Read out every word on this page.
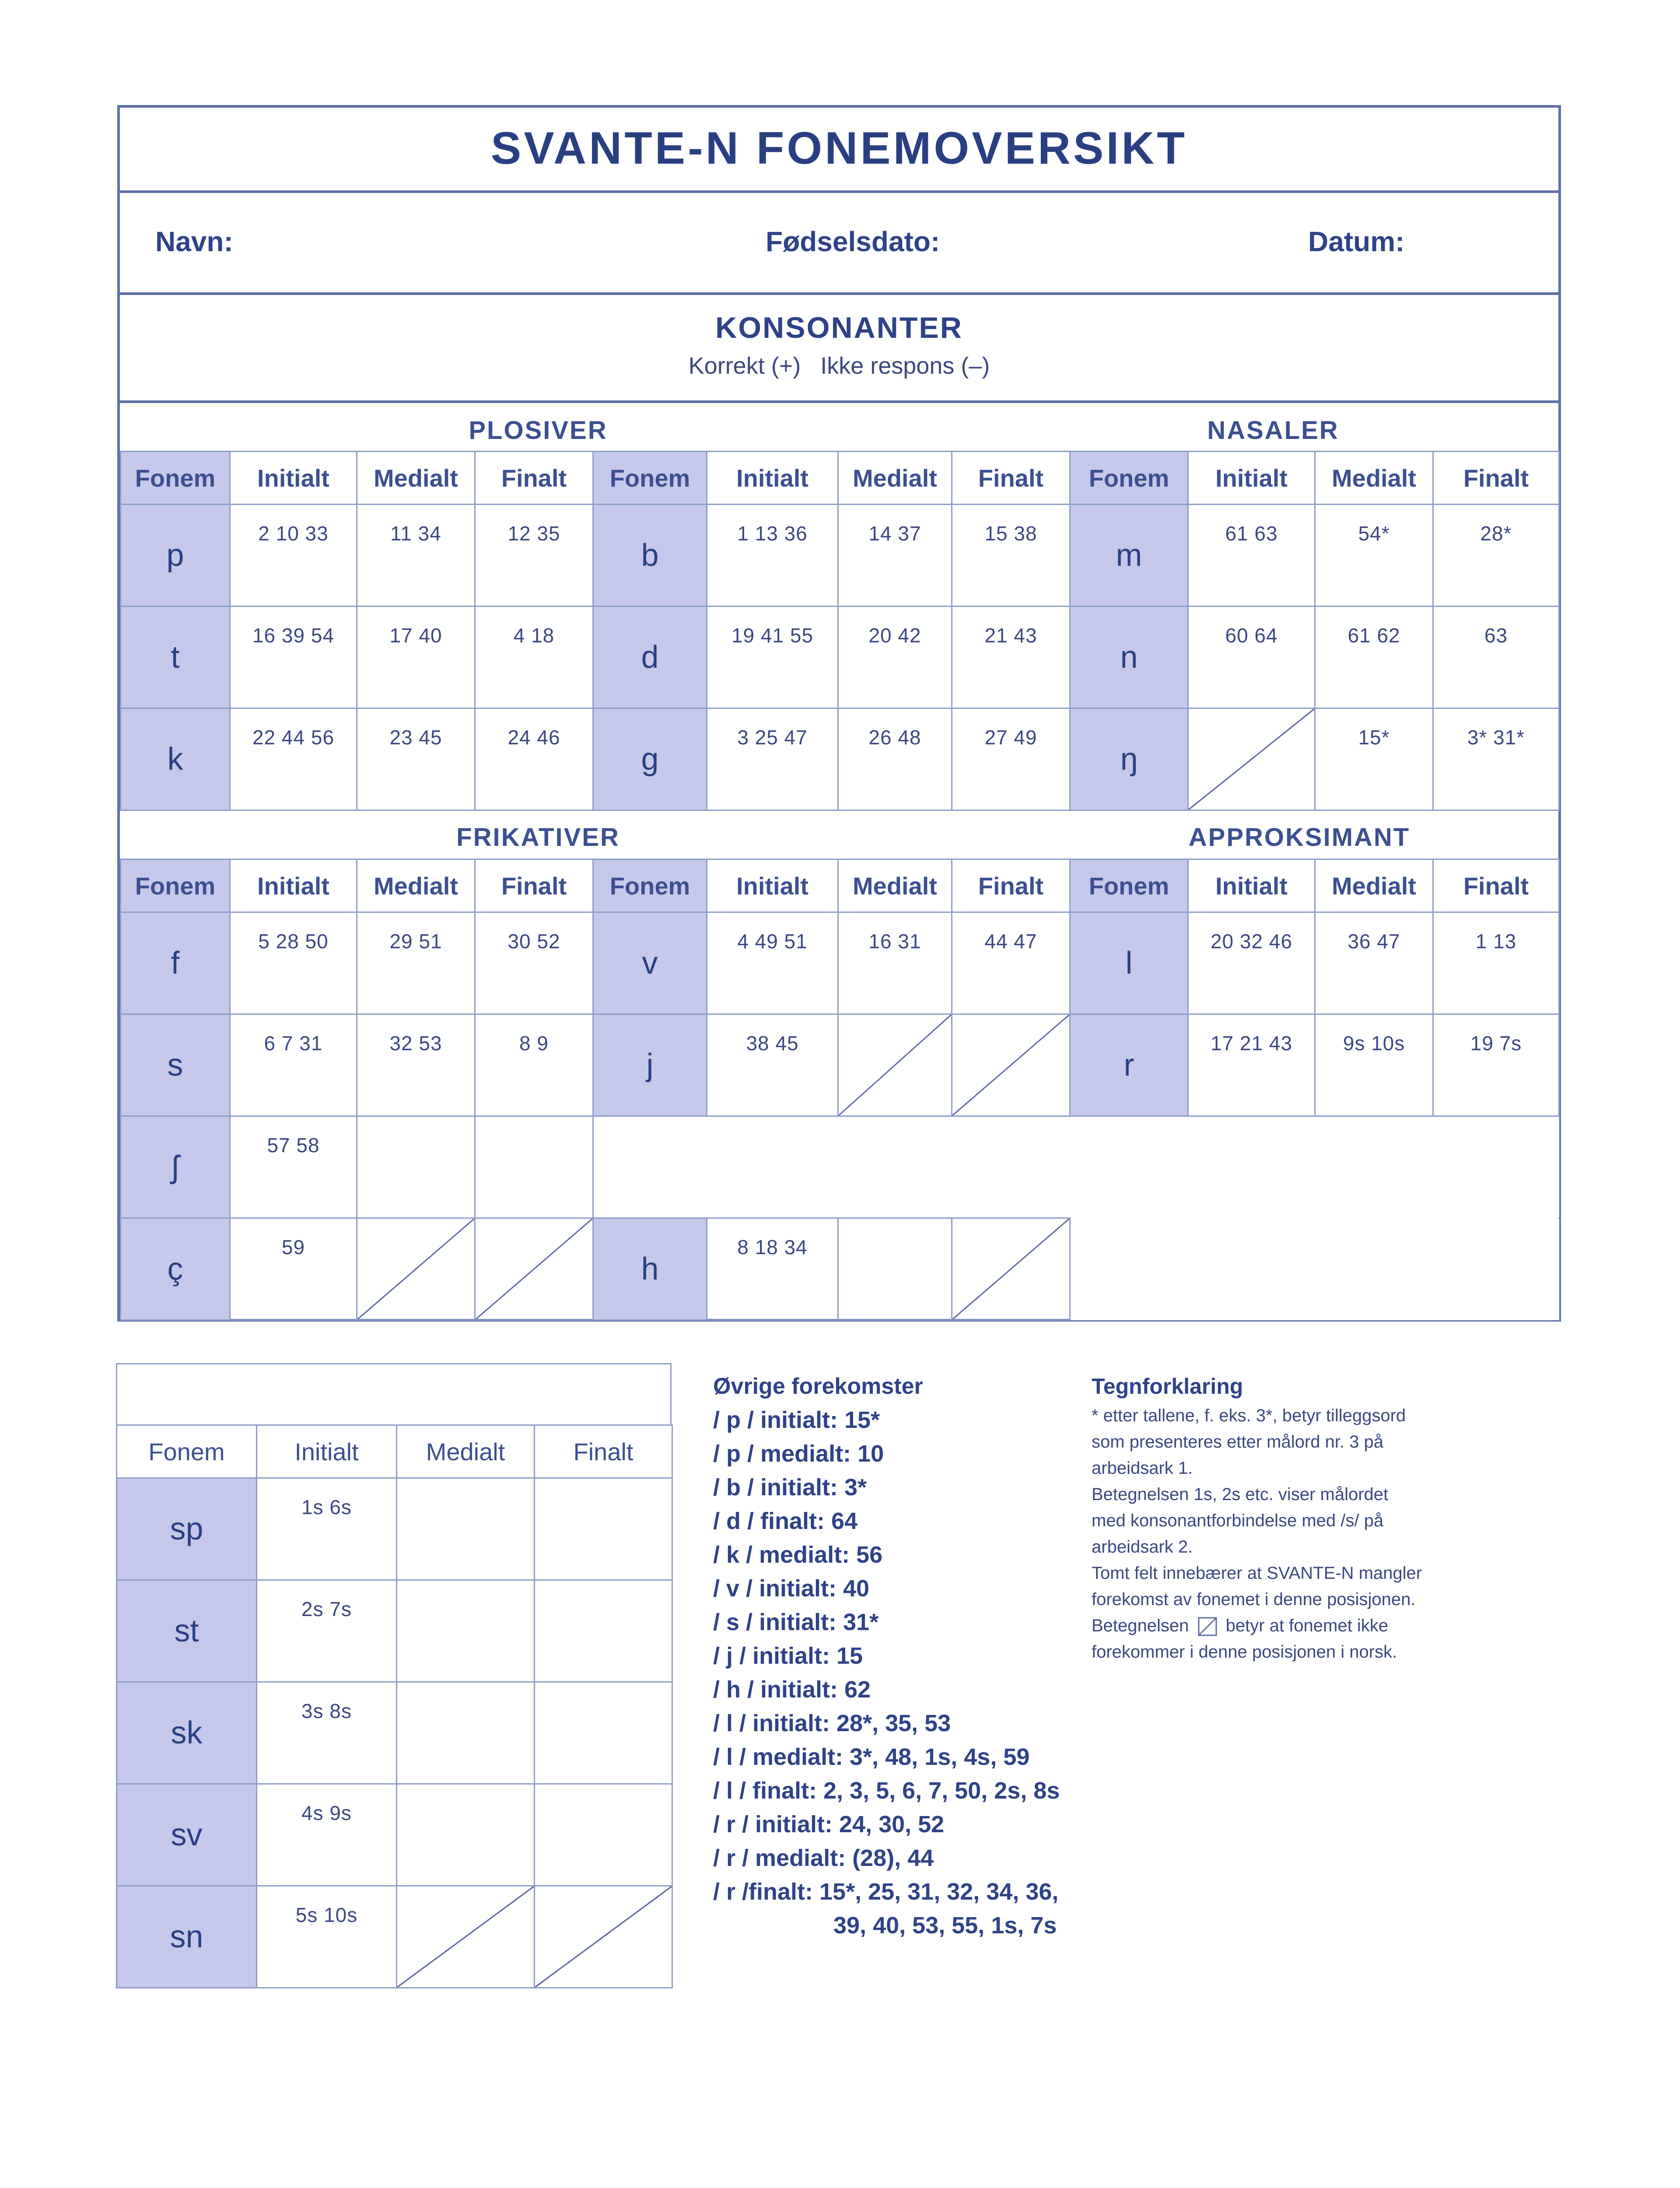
SVANTE-N FONEMOVERSIKT
Navn:	Fødselsdato:	Datum:
KONSONANTER
Korrekt (+)   Ikke respons (–)
PLOSIVER	NASALER
Fonem	Initialt	Medialt	Finalt	Fonem	Initialt	Medialt	Finalt	Fonem	Initialt	Medialt	Finalt
p	2 10 33	11 34	12 35	b	1 13 36	14 37	15 38	m	61 63	54*	28*
t	16 39 54	17 40	4 18	d	19 41 55	20 42	21 43	n	60 64	61 62	63
k	22 44 56	23 45	24 46	g	3 25 47	26 48	27 49	ŋ		15*	3* 31*
FRIKATIVER	APPROKSIMANT
Fonem	Initialt	Medialt	Finalt	Fonem	Initialt	Medialt	Finalt	Fonem	Initialt	Medialt	Finalt
f	5 28 50	29 51	30 52	v	4 49 51	16 31	44 47	l	20 32 46	36 47	1 13
s	6 7 31	32 53	8 9	j	38 45			r	17 21 43	9s 10s	19 7s
ʃ	57 58										
ç	59			h	8 18 34		

Fonem	Initialt	Medialt	Finalt
sp	1s 6s		
st	2s 7s		
sk	3s 8s		
sv	4s 9s		
sn	5s 10s	

Øvrige forekomster
/ p / initialt: 15*
/ p / medialt: 10
/ b / initialt: 3*
/ d / finalt: 64
/ k / medialt: 56
/ v / initialt: 40
/ s / initialt: 31*
/ j / initialt: 15
/ h / initialt: 62
/ l / initialt: 28*, 35, 53
/ l / medialt: 3*, 48, 1s, 4s, 59
/ l / finalt: 2, 3, 5, 6, 7, 50, 2s, 8s
/ r / initialt: 24, 30, 52
/ r / medialt: (28), 44
/ r /finalt: 15*, 25, 31, 32, 34, 36,
39, 40, 53, 55, 1s, 7s
Tegnforklaring
* etter tallene, f. eks. 3*, betyr tilleggsord
som presenteres etter målord nr. 3 på
arbeidsark 1.
Betegnelsen 1s, 2s etc. viser målordet
med konsonantforbindelse med /s/ på
arbeidsark 2.
Tomt felt innebærer at SVANTE-N mangler
forekomst av fonemet i denne posisjonen.
Betegnelsen betyr at fonemet ikke
forekommer i denne posisjonen i norsk.
